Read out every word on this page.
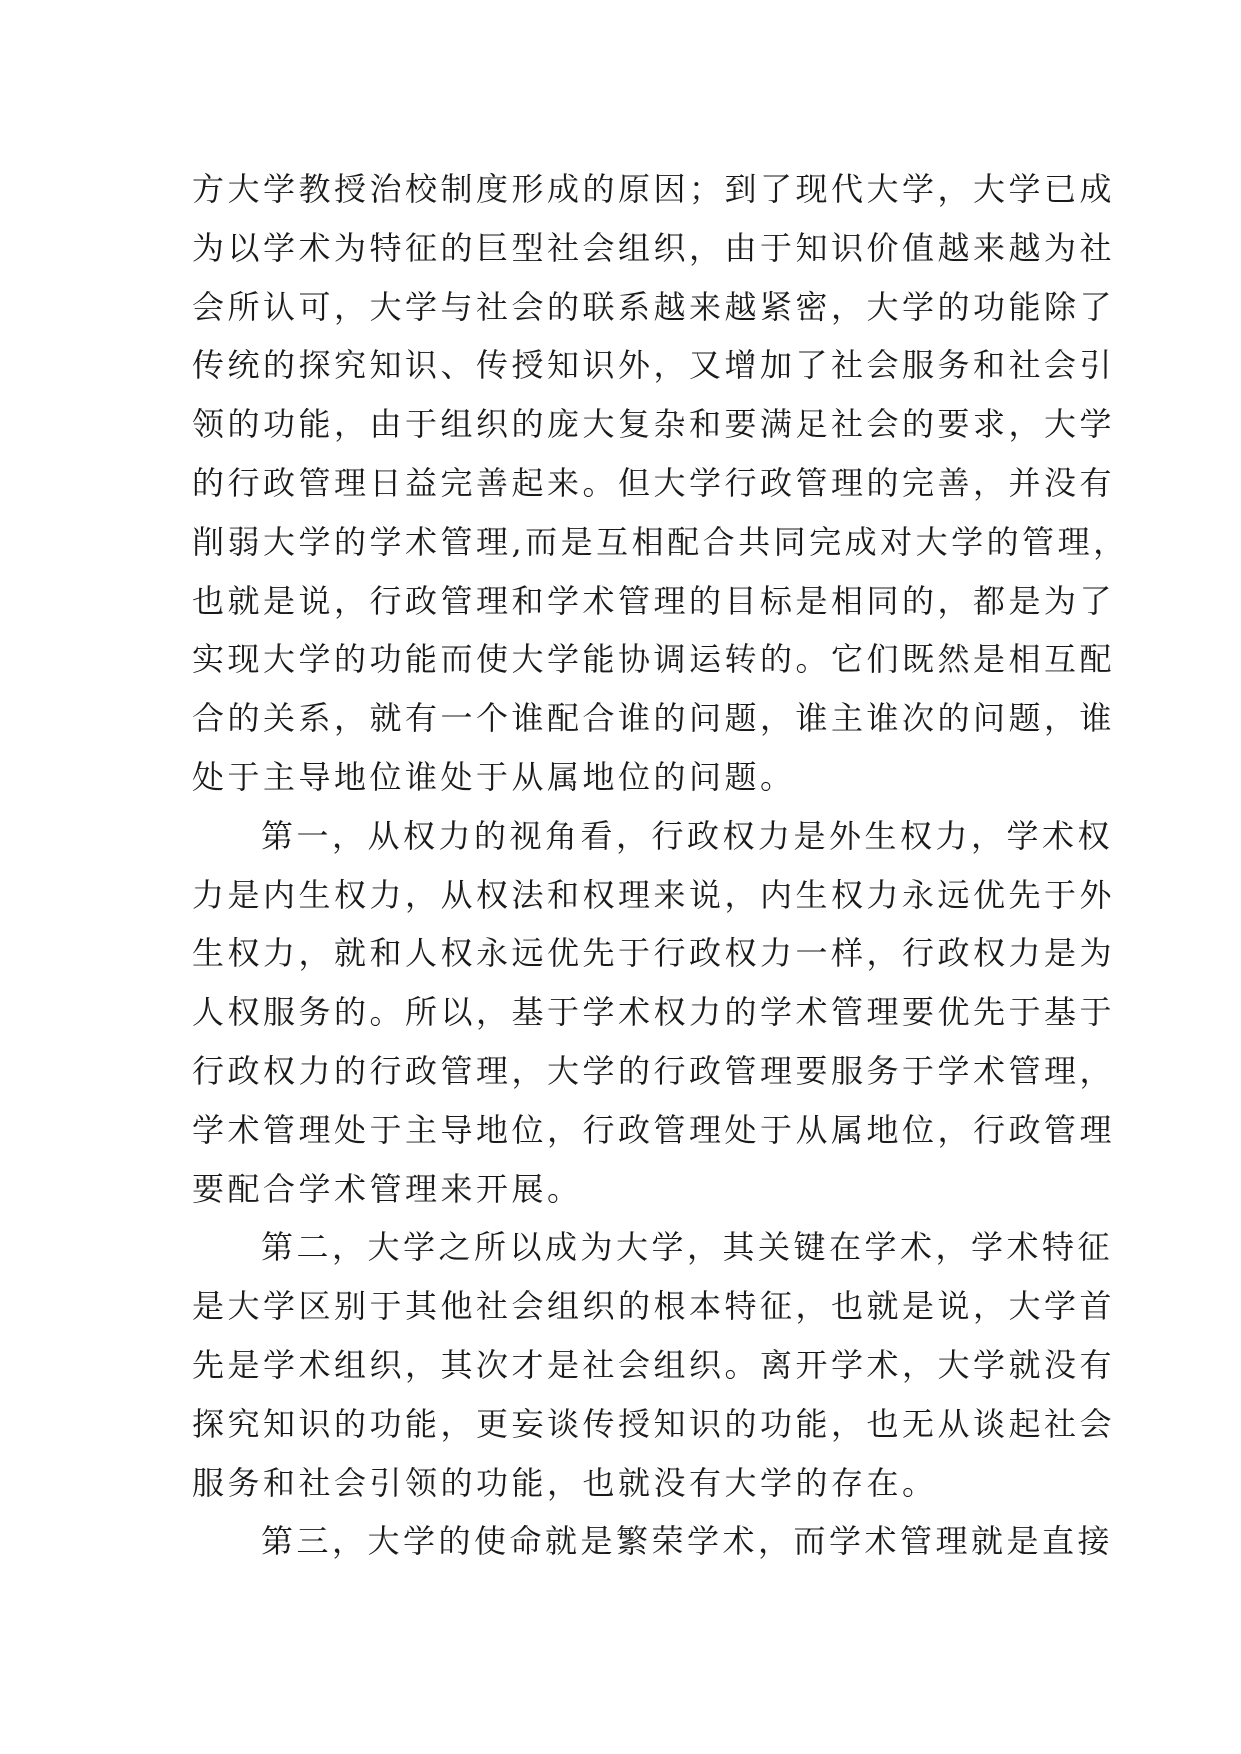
方大学教授治校制度形成的原因；到了现代大学，大学已成

为以学术为特征的巨型社会组织，由于知识价值越来越为社

会所认可，大学与社会的联系越来越紧密，大学的功能除了

传统的探究知识、传授知识外，又增加了社会服务和社会引

领的功能，由于组织的庞大复杂和要满足社会的要求，大学

的行政管理日益完善起来。但大学行政管理的完善，并没有

削弱大学的学术管理,而是互相配合共同完成对大学的管理，

也就是说，行政管理和学术管理的目标是相同的，都是为了

实现大学的功能而使大学能协调运转的。它们既然是相互配

合的关系，就有一个谁配合谁的问题，谁主谁次的问题，谁

处于主导地位谁处于从属地位的问题。

第一，从权力的视角看，行政权力是外生权力，学术权

力是内生权力，从权法和权理来说，内生权力永远优先于外

生权力，就和人权永远优先于行政权力一样，行政权力是为

人权服务的。所以，基于学术权力的学术管理要优先于基于

行政权力的行政管理，大学的行政管理要服务于学术管理，

学术管理处于主导地位，行政管理处于从属地位，行政管理

要配合学术管理来开展。

第二，大学之所以成为大学，其关键在学术，学术特征

是大学区别于其他社会组织的根本特征，也就是说，大学首

先是学术组织，其次才是社会组织。离开学术，大学就没有

探究知识的功能，更妄谈传授知识的功能，也无从谈起社会

服务和社会引领的功能，也就没有大学的存在。

第三，大学的使命就是繁荣学术，而学术管理就是直接
